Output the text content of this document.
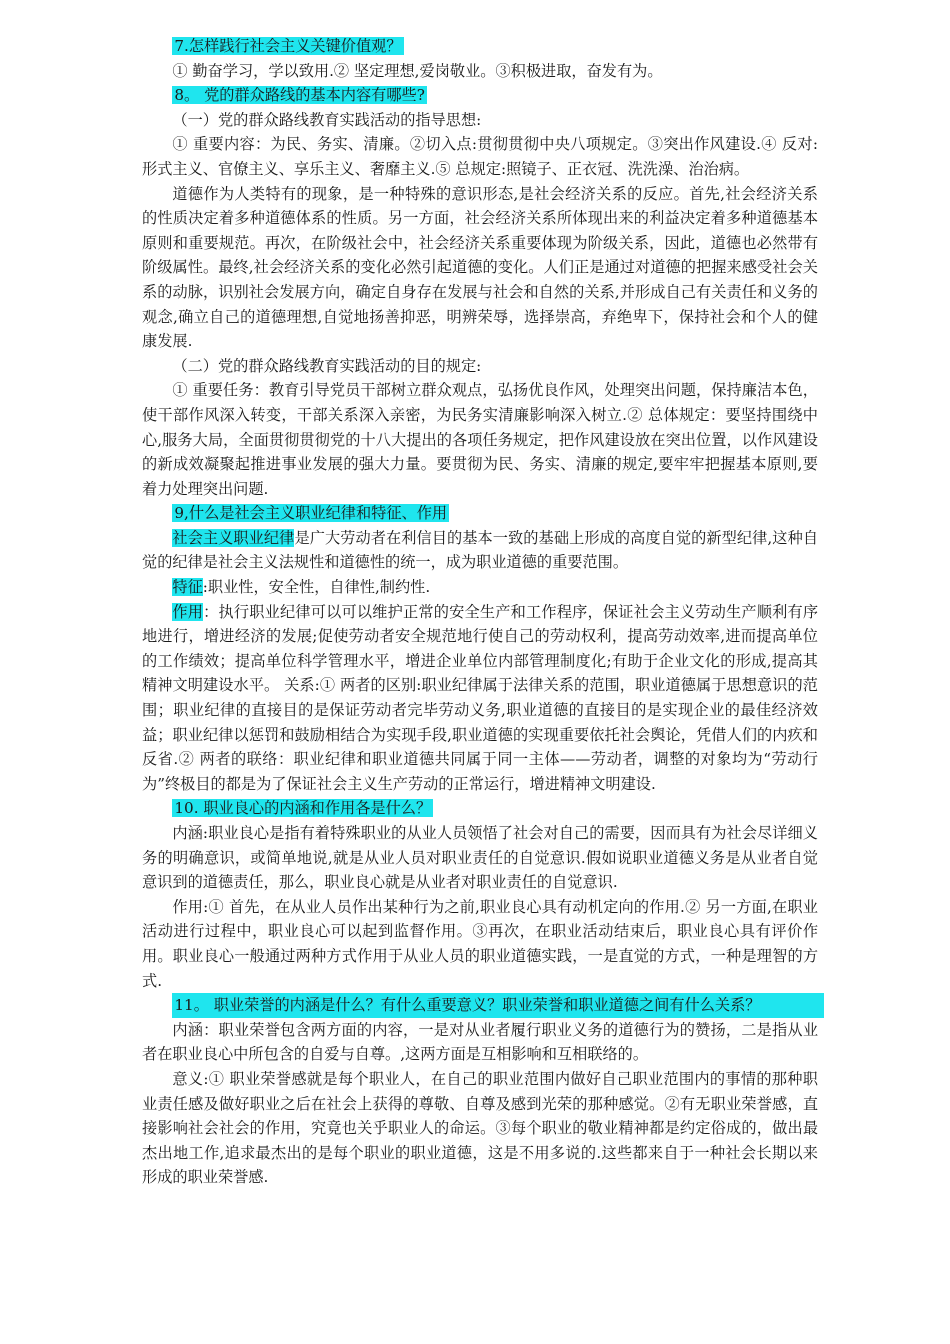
7.怎样践行社会主义关键价值观？

① 勤奋学习，学以致用.② 坚定理想,爱岗敬业。③积极进取，奋发有为。

8。 党的群众路线的基本内容有哪些?

（一）党的群众路线教育实践活动的指导思想:

① 重要内容：为民、务实、清廉。②切入点:贯彻贯彻中央八项规定。③突出作风建设.④ 反对:形式主义、官僚主义、享乐主义、奢靡主义.⑤ 总规定:照镜子、正衣冠、洗洗澡、治治病。

道德作为人类特有的现象，是一种特殊的意识形态,是社会经济关系的反应。首先,社会经济关系的性质决定着多种道德体系的性质。另一方面，社会经济关系所体现出来的利益决定着多种道德基本原则和重要规范。再次，在阶级社会中，社会经济关系重要体现为阶级关系，因此，道德也必然带有阶级属性。最终,社会经济关系的变化必然引起道德的变化。人们正是通过对道德的把握来感受社会关系的动脉，识别社会发展方向，确定自身存在发展与社会和自然的关系,并形成自己有关责任和义务的观念,确立自己的道德理想,自觉地扬善抑恶，明辨荣辱，选择崇高，弃绝卑下，保持社会和个人的健康发展.

（二）党的群众路线教育实践活动的目的规定:

① 重要任务：教育引导党员干部树立群众观点，弘扬优良作风，处理突出问题，保持廉洁本色，使干部作风深入转变，干部关系深入亲密，为民务实清廉影响深入树立.② 总体规定：要坚持围绕中心,服务大局，全面贯彻贯彻党的十八大提出的各项任务规定，把作风建设放在突出位置，以作风建设的新成效凝聚起推进事业发展的强大力量。要贯彻为民、务实、清廉的规定,要牢牢把握基本原则,要着力处理突出问题.

9,什么是社会主义职业纪律和特征、作用

社会主义职业纪律是广大劳动者在利信目的基本一致的基础上形成的高度自觉的新型纪律,这种自觉的纪律是社会主义法规性和道德性的统一，成为职业道德的重要范围。

特征:职业性，安全性，自律性,制约性.

作用：执行职业纪律可以可以维护正常的安全生产和工作程序，保证社会主义劳动生产顺利有序地进行，增进经济的发展;促使劳动者安全规范地行使自己的劳动权利，提高劳动效率,进而提高单位的工作绩效；提高单位科学管理水平，增进企业单位内部管理制度化;有助于企业文化的形成,提高其精神文明建设水平。 关系:① 两者的区别:职业纪律属于法律关系的范围，职业道德属于思想意识的范围；职业纪律的直接目的是保证劳动者完毕劳动义务,职业道德的直接目的是实现企业的最佳经济效益；职业纪律以惩罚和鼓励相结合为实现手段,职业道德的实现重要依托社会舆论，凭借人们的内疚和反省.② 两者的联络：职业纪律和职业道德共同属于同一主体——劳动者，调整的对象均为“劳动行为”终极目的都是为了保证社会主义生产劳动的正常运行，增进精神文明建设.

10. 职业良心的内涵和作用各是什么？

内涵:职业良心是指有着特殊职业的从业人员领悟了社会对自己的需要，因而具有为社会尽详细义务的明确意识，或简单地说,就是从业人员对职业责任的自觉意识.假如说职业道德义务是从业者自觉意识到的道德责任，那么，职业良心就是从业者对职业责任的自觉意识.

作用:① 首先，在从业人员作出某种行为之前,职业良心具有动机定向的作用.② 另一方面,在职业活动进行过程中，职业良心可以起到监督作用。③再次，在职业活动结束后，职业良心具有评价作用。职业良心一般通过两种方式作用于从业人员的职业道德实践，一是直觉的方式，一种是理智的方式.

11。 职业荣誉的内涵是什么？有什么重要意义？职业荣誉和职业道德之间有什么关系？

内涵：职业荣誉包含两方面的内容，一是对从业者履行职业义务的道德行为的赞扬，二是指从业者在职业良心中所包含的自爱与自尊。,这两方面是互相影响和互相联络的。

意义:① 职业荣誉感就是每个职业人，在自己的职业范围内做好自己职业范围内的事情的那种职业责任感及做好职业之后在社会上获得的尊敬、自尊及感到光荣的那种感觉。②有无职业荣誉感，直接影响社会社会的作用，究竟也关乎职业人的命运。③每个职业的敬业精神都是约定俗成的，做出最杰出地工作,追求最杰出的是每个职业的职业道德，这是不用多说的.这些都来自于一种社会长期以来形成的职业荣誉感.
